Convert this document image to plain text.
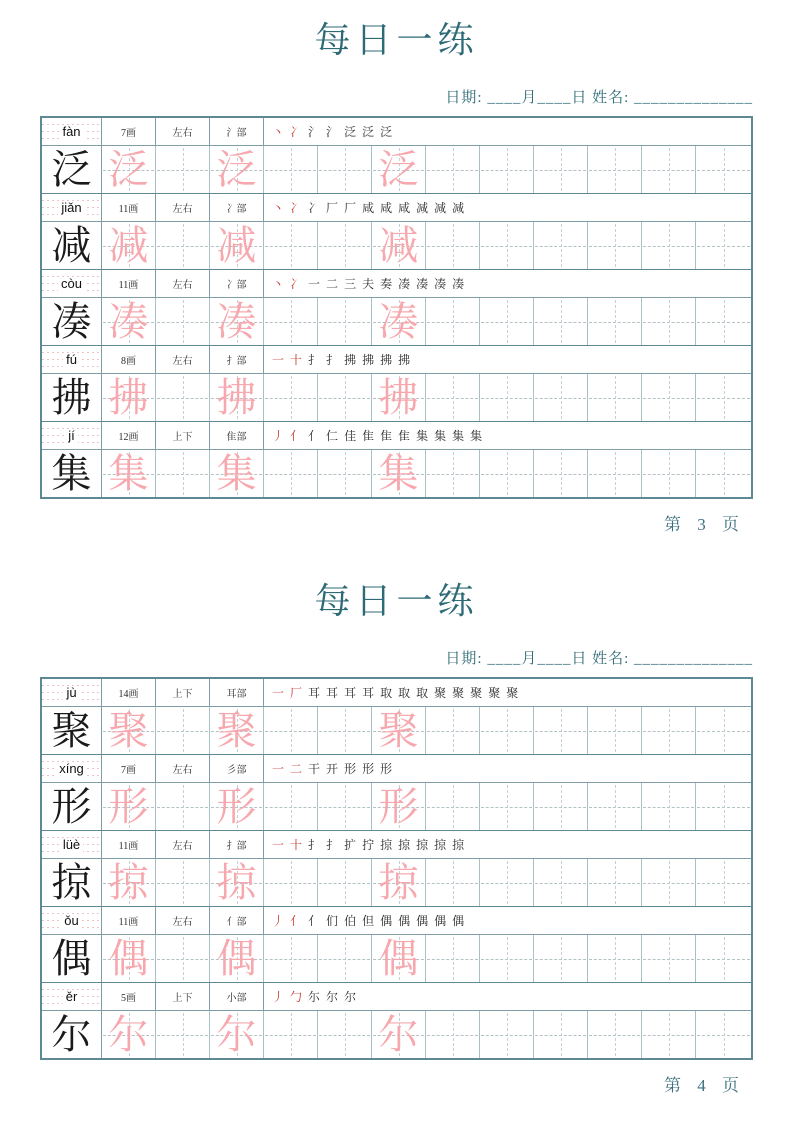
每日一练
日期: ____月____日 姓名: ______________
fàn	7画	左右	氵部	丶 冫 氵 氵 泛 泛 泛
泛 泛 泛	泛
jiǎn	11画	左右	冫部	丶 冫 冫 厂 厂 咸 咸 咸 减 减 减
减 减 减	减
còu	11画	左右	冫部	丶 冫 一 二 三 夫 奏 凑 凑 凑 凑
凑 凑 凑	凑
fú	8画	左右	扌部	一 十 扌 扌 拂 拂 拂 拂
拂 拂 拂	拂
jí	12画	上下	隹部	丿 亻 亻 仁 佳 隹 隹 隹 集 集 集 集
集 集 集	集
第 3 页
每日一练
日期: ____月____日 姓名: ______________
jù	14画	上下	耳部	一 厂 耳 耳 耳 耳 取 取 取 聚 聚 聚 聚 聚
聚 聚 聚	聚
xíng	7画	左右	彡部	一 二 干 开 形 形 形
形 形 形	形
lüè	11画	左右	扌部	一 十 扌 扌 扩 拧 掠 掠 掠 掠 掠
掠 掠 掠	掠
ǒu	11画	左右	亻部	丿 亻 亻 们 伯 但 偶 偶 偶 偶 偶
偶 偶 偶	偶
ěr	5画	上下	小部	丿 勹 尓 尔 尔
尔 尔 尔	尔
第 4 页
